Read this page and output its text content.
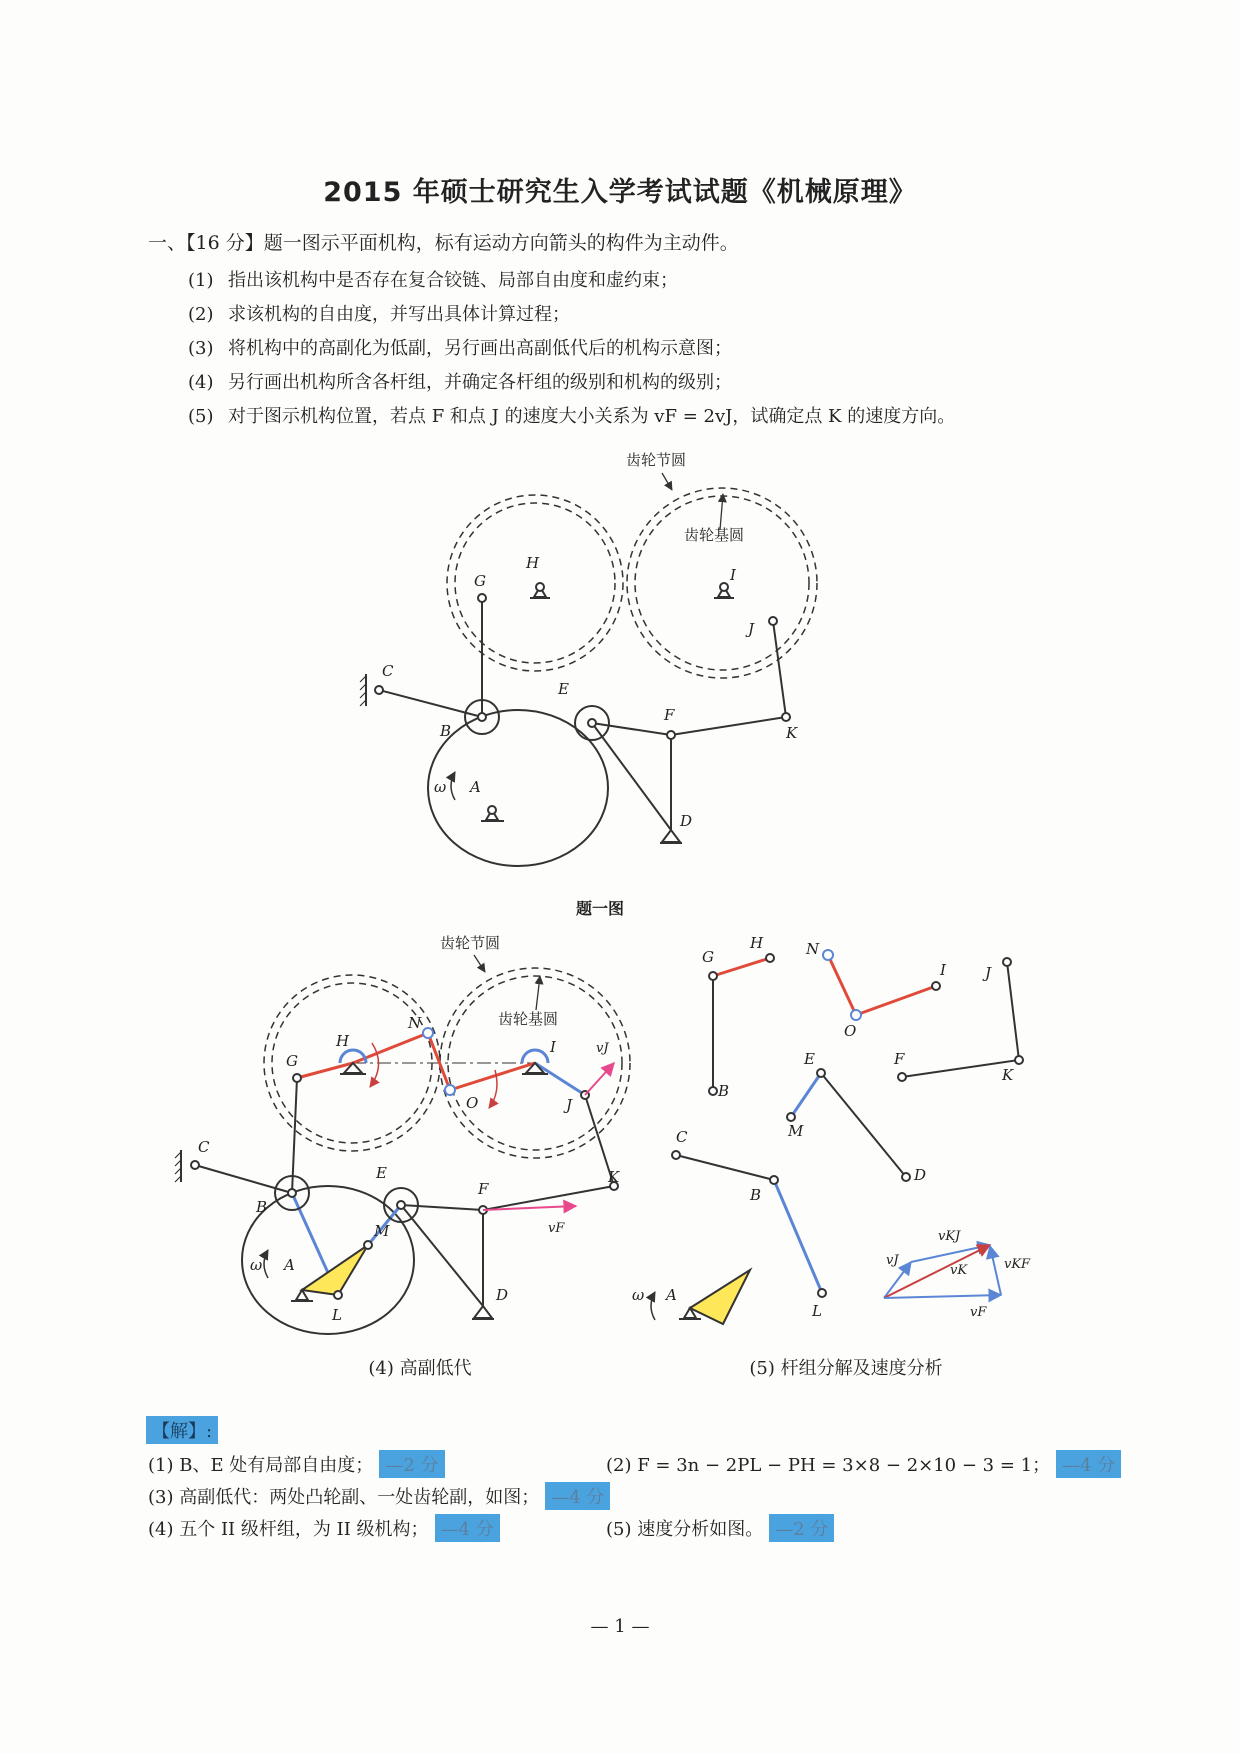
2015 年硕士研究生入学考试试题《机械原理》
一、【16 分】题一图示平面机构，标有运动方向箭头的构件为主动件。
(1) 指出该机构中是否存在复合铰链、局部自由度和虚约束；
(2) 求该机构的自由度，并写出具体计算过程；
(3) 将机构中的高副化为低副，另行画出高副低代后的机构示意图；
(4) 另行画出机构所含各杆组，并确定各杆组的级别和机构的级别；
(5) 对于图示机构位置，若点 F 和点 J 的速度大小关系为 vF = 2vJ，试确定点 K 的速度方向。
齿轮节圆
齿轮基圆
G
H
I
J
C
B
E
F
K
D
A
ω
题一图
齿轮节圆
齿轮基圆
G
H
N
O
I	vJ
J
C
B
E
F
K
vF
D
M
L
A
ω
(4) 高副低代
G
H	N
I
O
J
K
F
B
E
M
D
C
B
L
A
ω
vKJ
vJ
vK	vKF
vF
(5) 杆组分解及速度分析
【解】:
(1) B、E 处有局部自由度； —2 分	(2) F = 3n − 2PL − PH = 3×8 − 2×10 − 3 = 1； —4 分
(3) 高副低代：两处凸轮副、一处齿轮副，如图； —4 分
(4) 五个 II 级杆组，为 II 级机构； —4 分	(5) 速度分析如图。 —2 分
— 1 —
